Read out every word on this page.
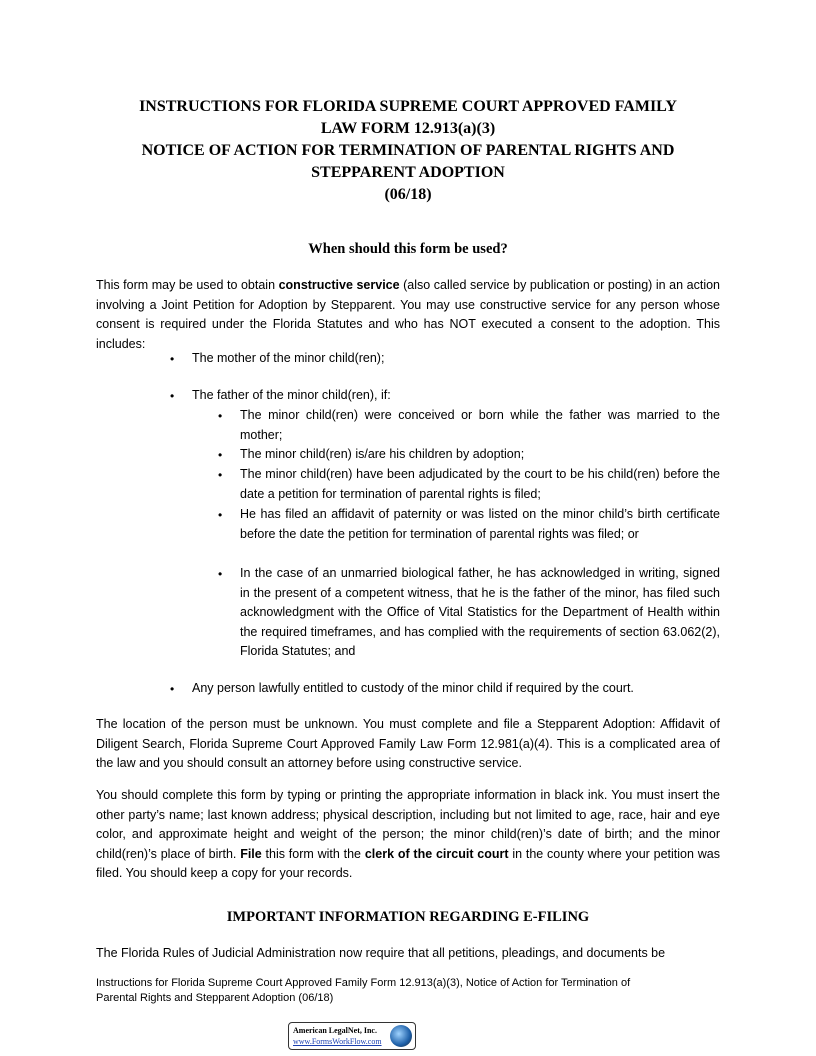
INSTRUCTIONS FOR FLORIDA SUPREME COURT APPROVED FAMILY
LAW FORM 12.913(a)(3)
NOTICE OF ACTION FOR TERMINATION OF PARENTAL RIGHTS AND
STEPPARENT ADOPTION
(06/18)
When should this form be used?
This form may be used to obtain constructive service (also called service by publication or posting) in an action involving a Joint Petition for Adoption by Stepparent. You may use constructive service for any person whose consent is required under the Florida Statutes and who has NOT executed a consent to the adoption. This includes:
• The mother of the minor child(ren);
• The father of the minor child(ren), if:
• The minor child(ren) were conceived or born while the father was married to the mother;
• The minor child(ren) is/are his children by adoption;
• The minor child(ren) have been adjudicated by the court to be his child(ren) before the date a petition for termination of parental rights is filed;
• He has filed an affidavit of paternity or was listed on the minor child’s birth certificate before the date the petition for termination of parental rights was filed; or
• In the case of an unmarried biological father, he has acknowledged in writing, signed in the present of a competent witness, that he is the father of the minor, has filed such acknowledgment with the Office of Vital Statistics for the Department of Health within the required timeframes, and has complied with the requirements of section 63.062(2), Florida Statutes; and
• Any person lawfully entitled to custody of the minor child if required by the court.
The location of the person must be unknown. You must complete and file a Stepparent Adoption: Affidavit of Diligent Search, Florida Supreme Court Approved Family Law Form 12.981(a)(4). This is a complicated area of the law and you should consult an attorney before using constructive service.
You should complete this form by typing or printing the appropriate information in black ink. You must insert the other party’s name; last known address; physical description, including but not limited to age, race, hair and eye color, and approximate height and weight of the person; the minor child(ren)’s date of birth; and the minor child(ren)’s place of birth. File this form with the clerk of the circuit court in the county where your petition was filed. You should keep a copy for your records.
IMPORTANT INFORMATION REGARDING E-FILING
The Florida Rules of Judicial Administration now require that all petitions, pleadings, and documents be
Instructions for Florida Supreme Court Approved Family Form 12.913(a)(3), Notice of Action for Termination of
Parental Rights and Stepparent Adoption (06/18)
American LegalNet, Inc.
www.FormsWorkFlow.com
